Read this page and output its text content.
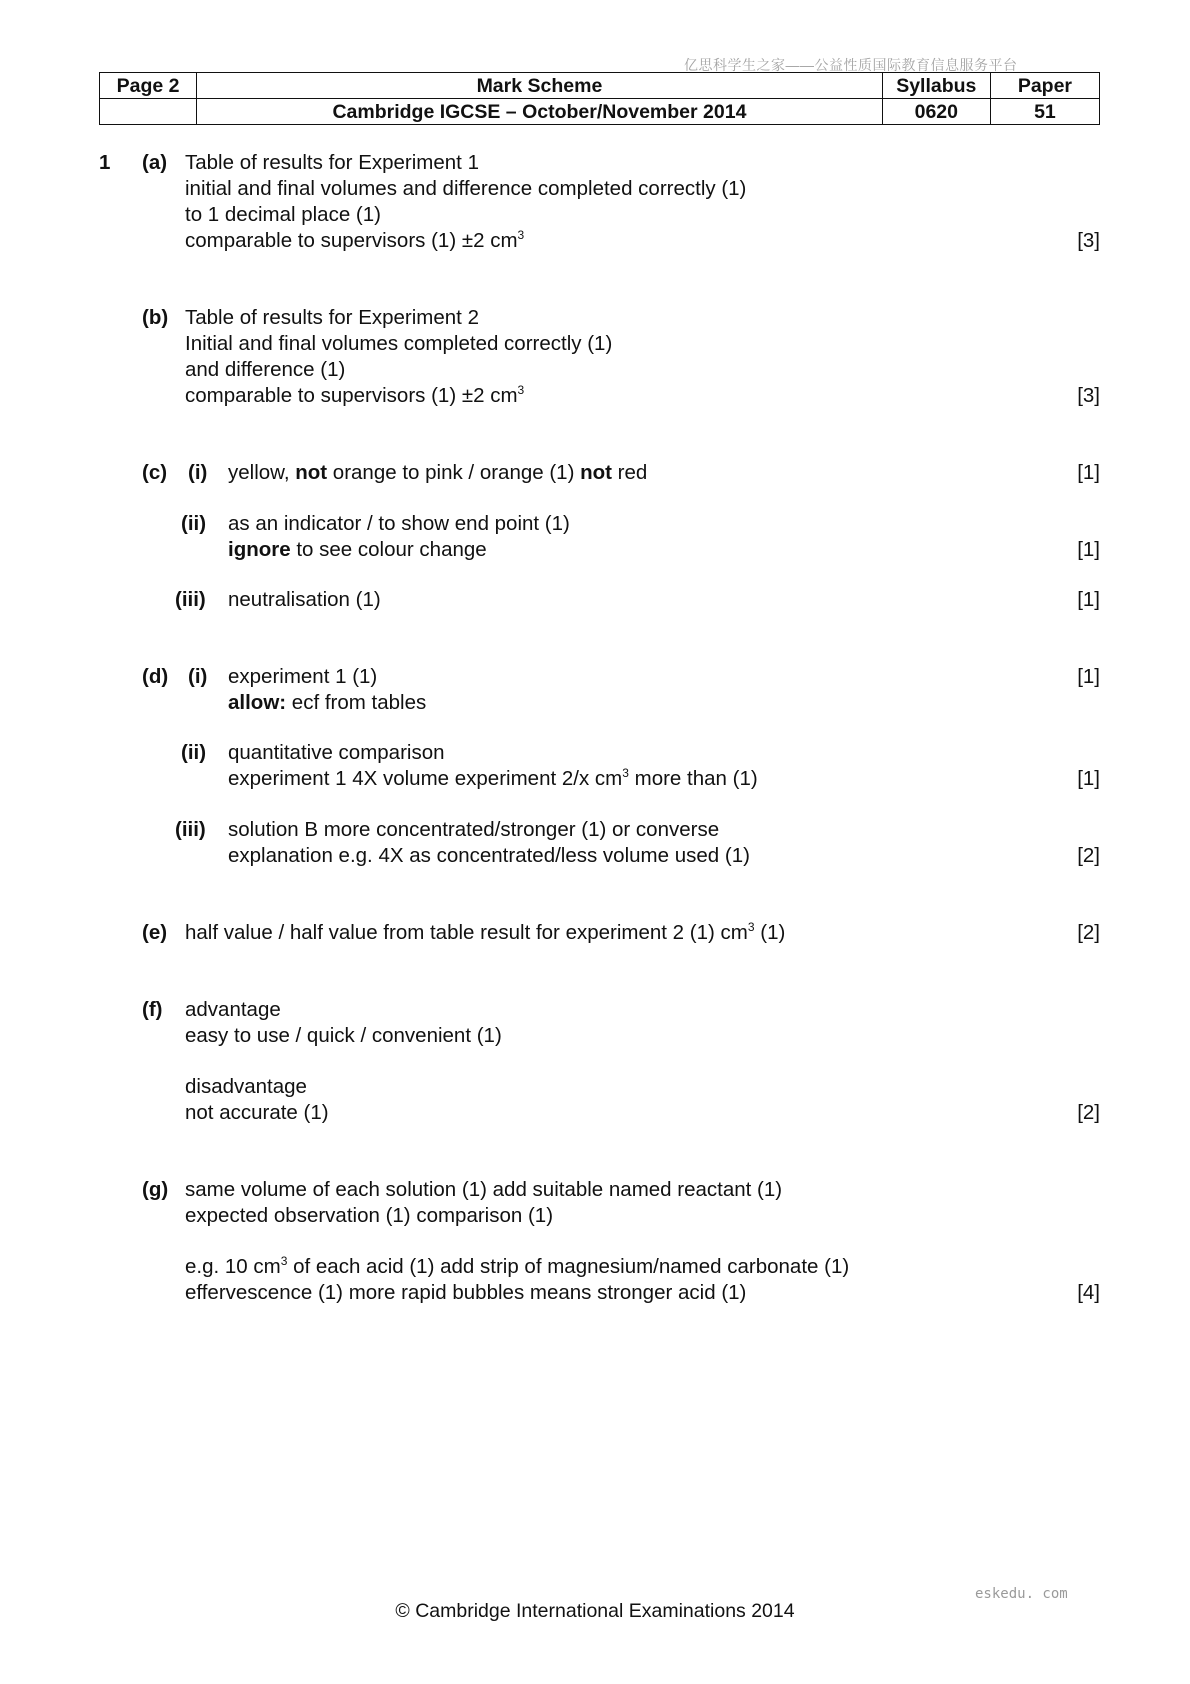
亿思科学生之家——公益性质国际教育信息服务平台
Page 2	Mark Scheme	Syllabus	Paper
	Cambridge IGCSE – October/November 2014	0620	51
1 (a) Table of results for Experiment 1
initial and final volumes and difference completed correctly (1)
to 1 decimal place (1)
comparable to supervisors (1) ±2 $cm^3$	[3]
(b) Table of results for Experiment 2
Initial and final volumes completed correctly (1)
and difference (1)
comparable to supervisors (1) ±2 $cm^3$	[3]
(c) (i) yellow, not orange to pink / orange (1) not red	[1]
(ii) as an indicator / to show end point (1)
ignore to see colour change	[1]
(iii) neutralisation (1)	[1]
(d) (i) experiment 1 (1)	[1]
allow: ecf from tables
(ii) quantitative comparison
experiment 1 4X volume experiment 2/x $cm^3$ more than (1)	[1]
(iii) solution B more concentrated/stronger (1) or converse
explanation e.g. 4X as concentrated/less volume used (1)	[2]
(e) half value / half value from table result for experiment 2 (1) $cm^3$ (1)	[2]
(f) advantage
easy to use / quick / convenient (1)
disadvantage
not accurate (1)	[2]
(g) same volume of each solution (1) add suitable named reactant (1)
expected observation (1) comparison (1)
e.g. 10 $cm^3$ of each acid (1) add strip of magnesium/named carbonate (1)
effervescence (1) more rapid bubbles means stronger acid (1)	[4]
eskedu. com
© Cambridge International Examinations 2014
